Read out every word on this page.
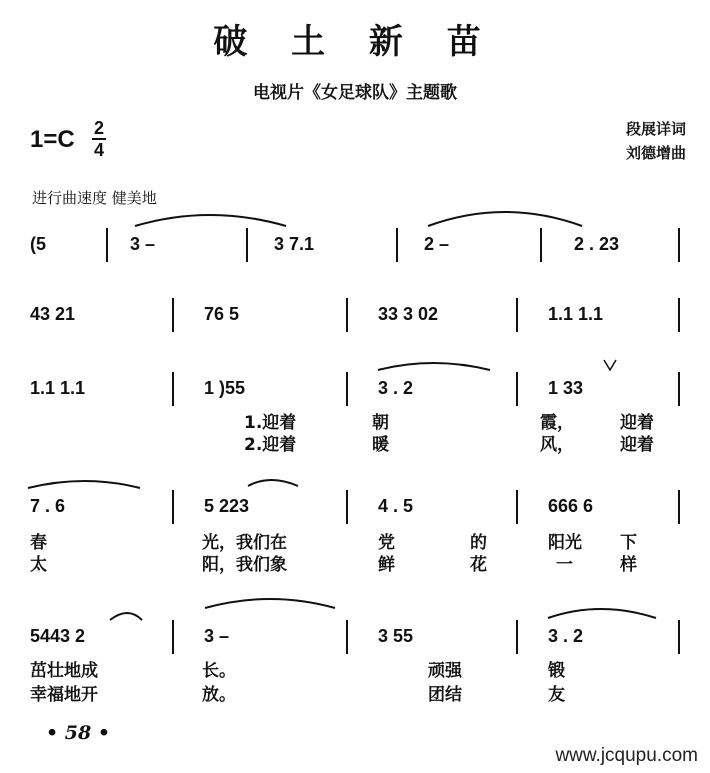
破 土 新 苗
电视片《女足球队》主题歌
1=C	2
4
段展详词
刘德增曲
进行曲速度 健美地
(5	3 –	3 7.1	2 –	2 . 23
43 21	76 5	33 3 02	1.1 1.1
1.1 1.1	1 )55	3 . 2	1 33
1.迎着	朝	霞，	迎着
2.迎着	暖	风，	迎着
7 . 6	5 223	4 . 5	666 6
春	光，我们在	党	的	阳光 下
太	阳，我们象	鲜	花	一	样
5443 2	3 –	3 55	3 . 2
茁壮地成	长。	顽强	锻
幸福地开	放。	团结	友
• 58 •
www.jcqupu.com
